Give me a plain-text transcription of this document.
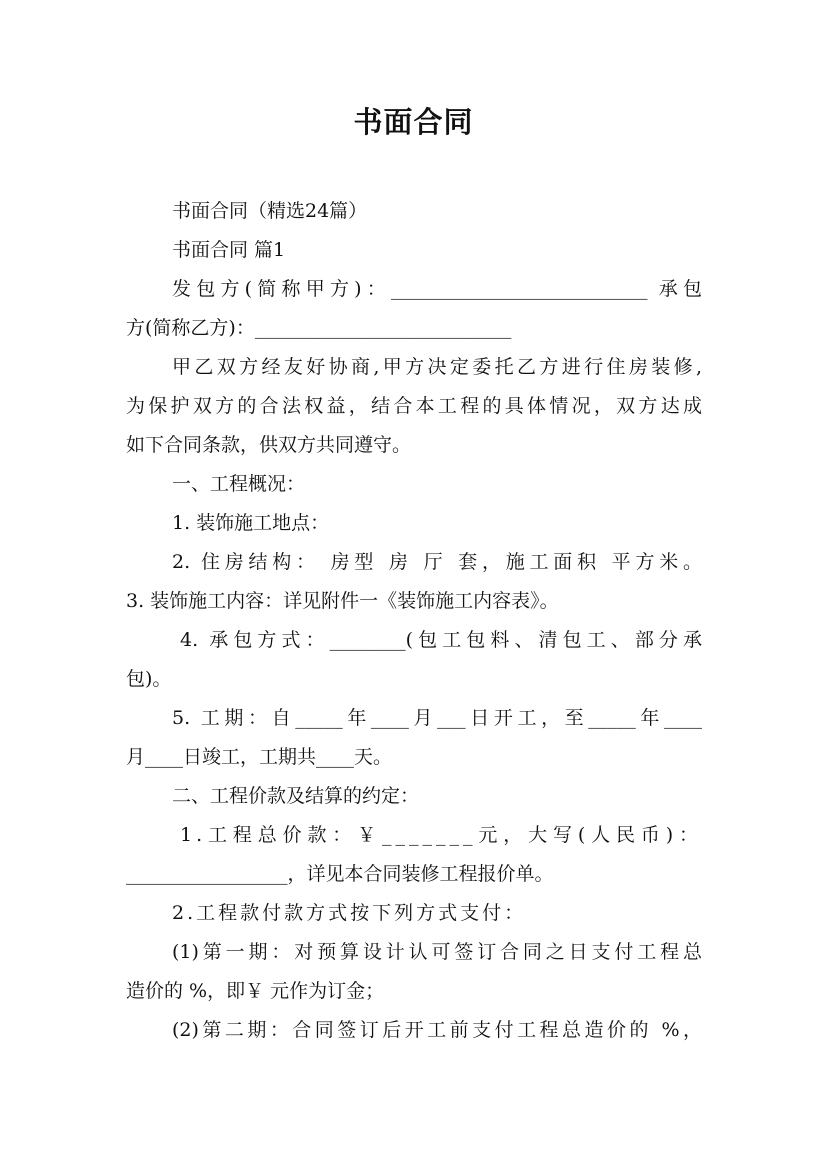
书面合同

书面合同（精选24篇）

书面合同 篇1

发包方(简称甲方)：___________________________ 承包

方(简称乙方)：___________________________

甲乙双方经友好协商,甲方决定委托乙方进行住房装修,

为保护双方的合法权益，结合本工程的具体情况，双方达成

如下合同条款，供双方共同遵守。

一、工程概况：

1. 装饰施工地点：

2. 住房结构： 房型 房 厅 套，施工面积 平方米。

3. 装饰施工内容：详见附件一《装饰施工内容表》。

4. 承包方式：________(包工包料、清包工、部分承

包)。

5. 工期：自_____年____月___日开工，至_____年____

月____日竣工，工期共____天。

二、工程价款及结算的约定：

1.工程总价款：￥_______元，大写(人民币)：

_________________，详见本合同装修工程报价单。

2.工程款付款方式按下列方式支付：

(1)第一期：对预算设计认可签订合同之日支付工程总

造价的 %，即￥ 元作为订金；

(2)第二期：合同签订后开工前支付工程总造价的 %，
